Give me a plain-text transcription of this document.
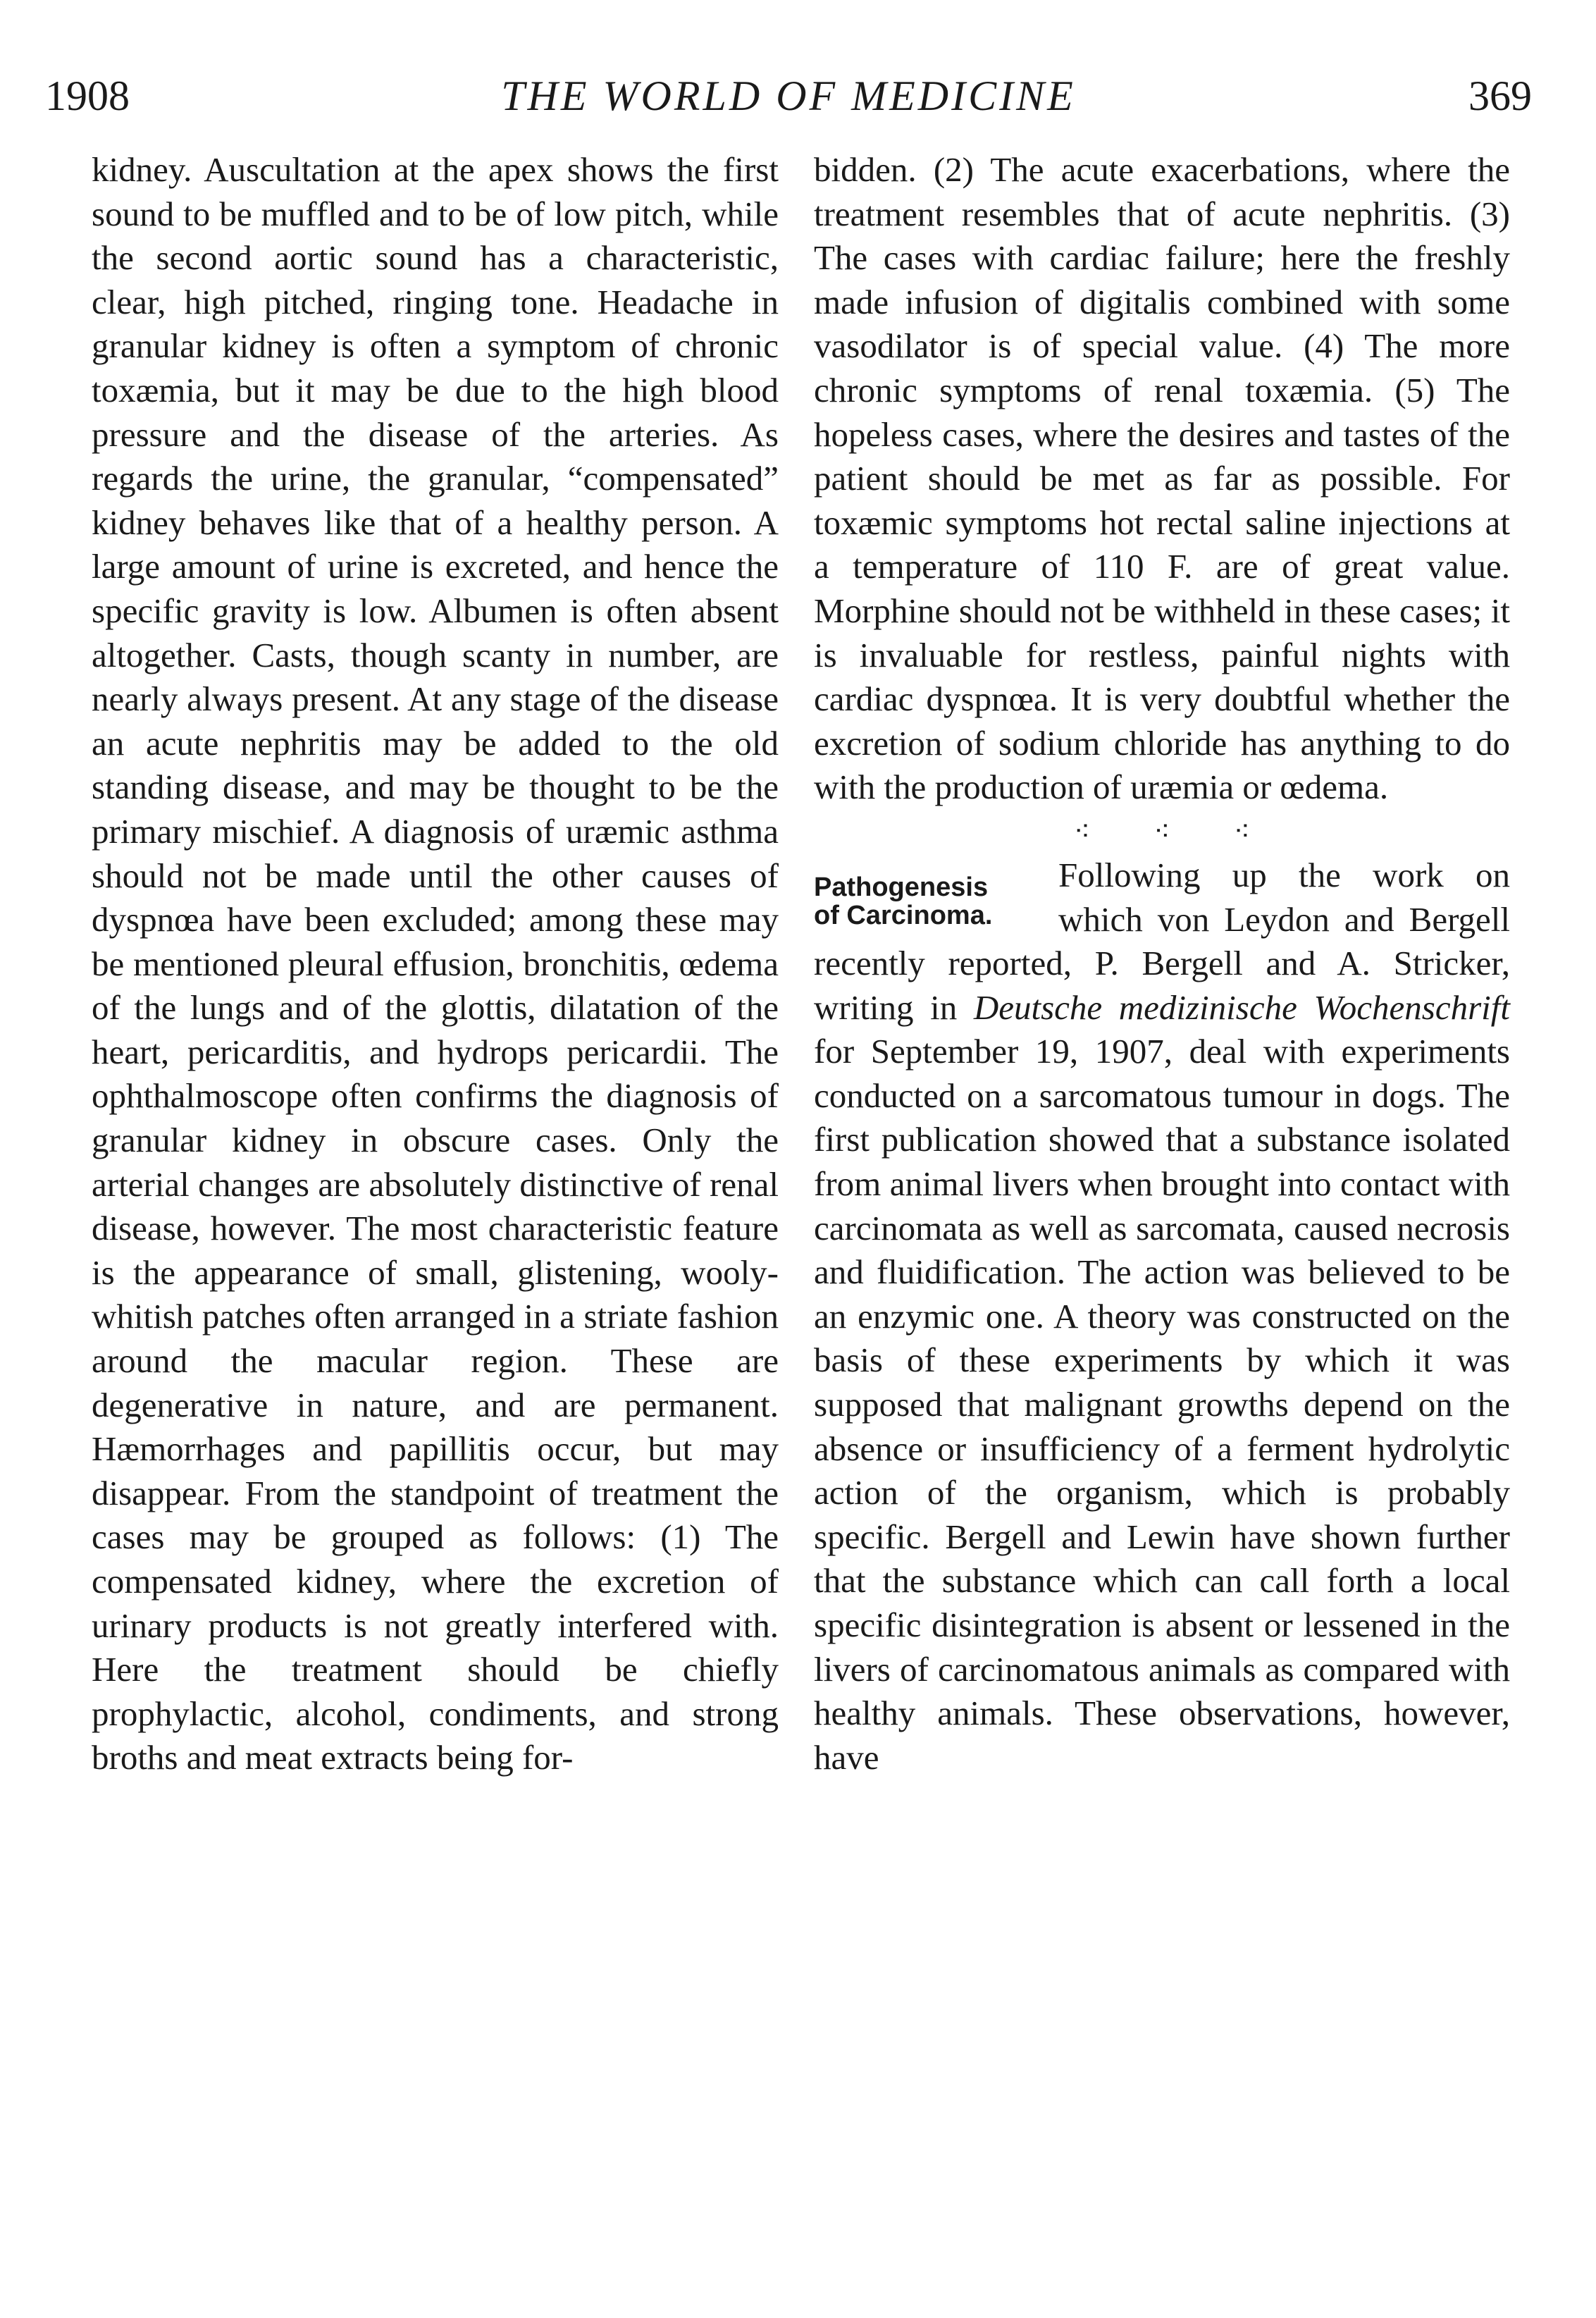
1908	THE WORLD OF MEDICINE	369

kidney. Auscultation at the apex shows the first sound to be muffled and to be of low pitch, while the second aortic sound has a characteristic, clear, high pitched, ringing tone. Headache in granular kidney is often a symptom of chronic toxæmia, but it may be due to the high blood pressure and the disease of the arteries. As regards the urine, the granular, “compensated” kidney behaves like that of a healthy person. A large amount of urine is excreted, and hence the specific gravity is low. Albumen is often absent altogether. Casts, though scanty in number, are nearly always present. At any stage of the disease an acute nephritis may be added to the old standing disease, and may be thought to be the primary mischief. A diagnosis of uræmic asthma should not be made until the other causes of dyspnœa have been excluded; among these may be mentioned pleural effusion, bronchitis, œdema of the lungs and of the glottis, dilatation of the heart, pericarditis, and hydrops pericardii. The ophthalmoscope often confirms the diagnosis of granular kidney in obscure cases. Only the arterial changes are absolutely distinctive of renal disease, however. The most characteristic feature is the appearance of small, glistening, wooly-whitish patches often arranged in a striate fashion around the macular region. These are degenerative in nature, and are permanent. Hæmorrhages and papillitis occur, but may disappear. From the standpoint of treatment the cases may be grouped as follows: (1) The compensated kidney, where the excretion of urinary products is not greatly interfered with. Here the treatment should be chiefly prophylactic, alcohol, condiments, and strong broths and meat extracts being for-

bidden. (2) The acute exacerbations, where the treatment resembles that of acute nephritis. (3) The cases with cardiac failure; here the freshly made infusion of digitalis combined with some vasodilator is of special value. (4) The more chronic symptoms of renal toxæmia. (5) The hopeless cases, where the desires and tastes of the patient should be met as far as possible. For toxæmic symptoms hot rectal saline injections at a temperature of 110 F. are of great value. Morphine should not be withheld in these cases; it is invaluable for restless, painful nights with cardiac dyspnœa. It is very doubtful whether the excretion of sodium chloride has anything to do with the production of uræmia or œdema.

⁖ ⁖ ⁖
Pathogenesis
of Carcinoma.

Following up the work on which von Leydon and Bergell recently reported, P. Bergell and A. Stricker, writing in Deutsche medizinische Wochenschrift for September 19, 1907, deal with experiments conducted on a sarcomatous tumour in dogs. The first publication showed that a substance isolated from animal livers when brought into contact with carcinomata as well as sarcomata, caused necrosis and fluidification. The action was believed to be an enzymic one. A theory was constructed on the basis of these experiments by which it was supposed that malignant growths depend on the absence or insufficiency of a ferment hydrolytic action of the organism, which is probably specific. Bergell and Lewin have shown further that the substance which can call forth a local specific disintegration is absent or lessened in the livers of carcinomatous animals as compared with healthy animals. These observations, however, have
